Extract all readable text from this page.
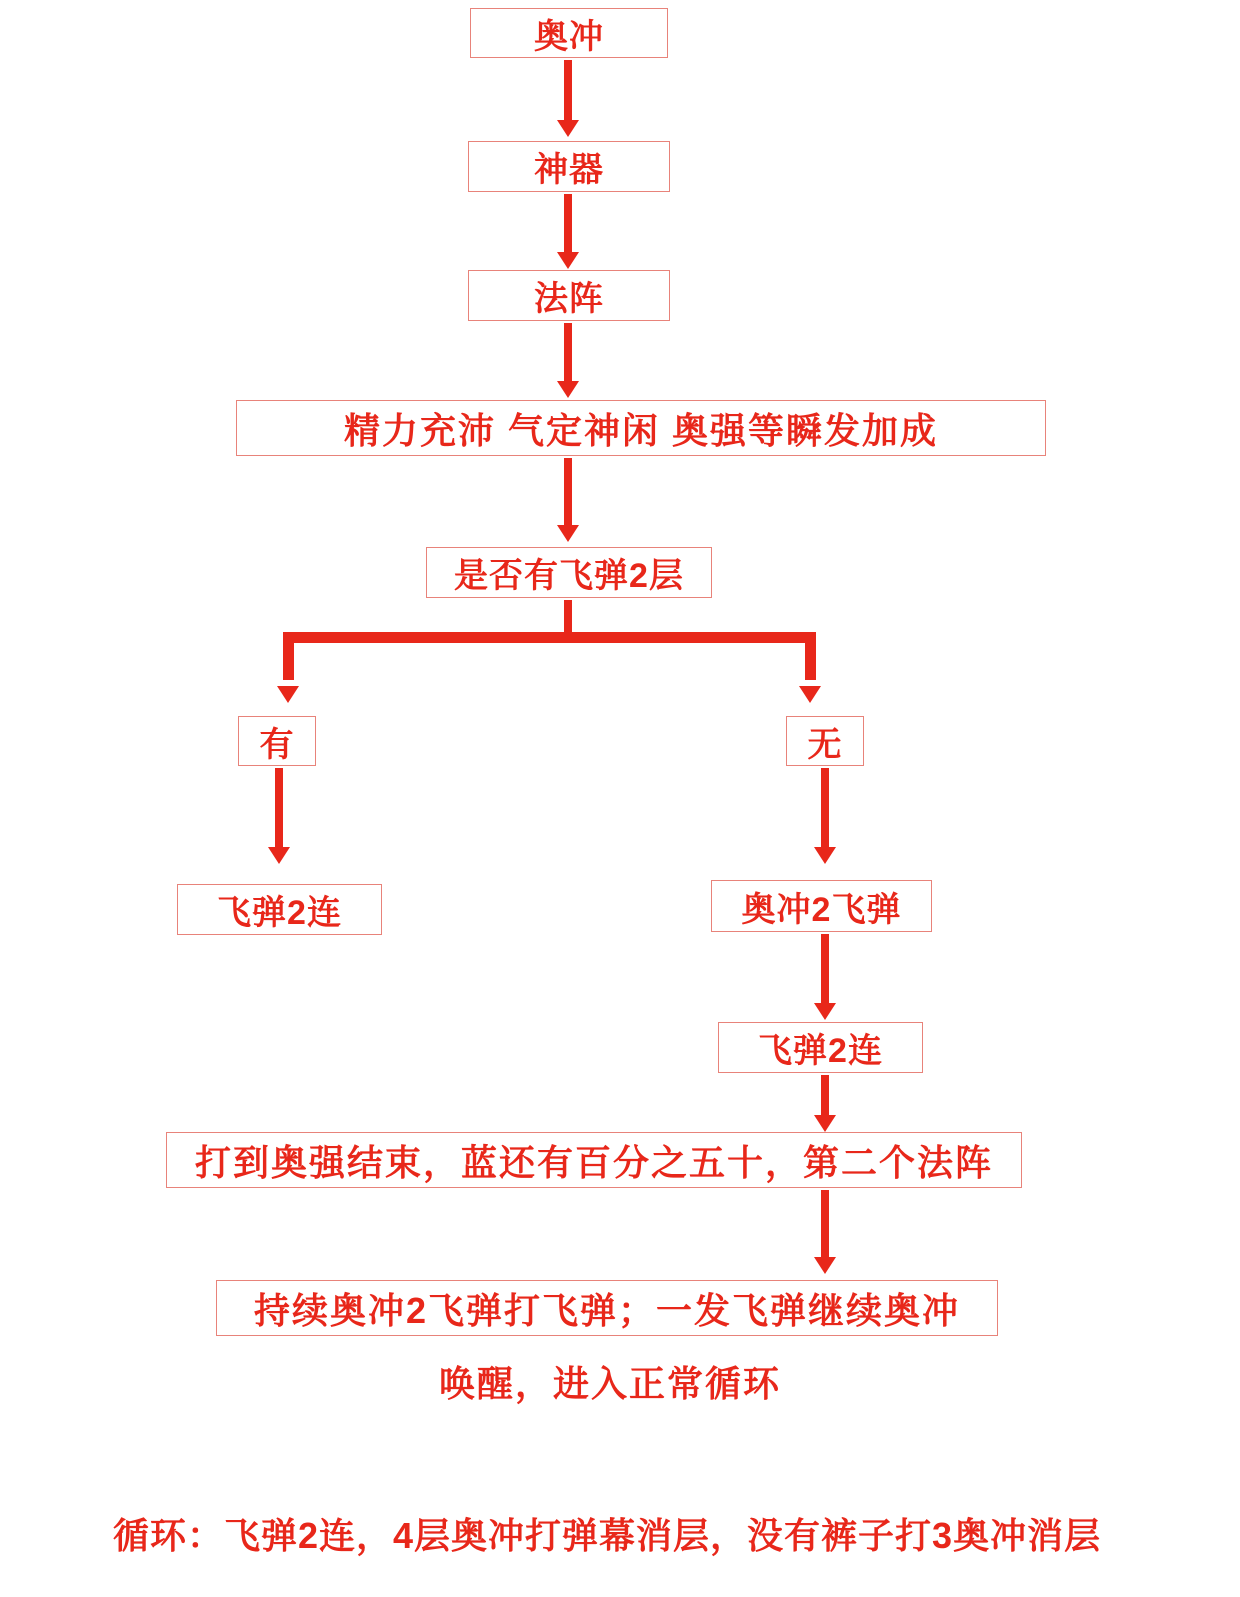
奥冲
神器
法阵
精力充沛 气定神闲 奥强等瞬发加成
是否有飞弹2层
有	无
飞弹2连	奥冲2飞弹
飞弹2连
打到奥强结束，蓝还有百分之五十，第二个法阵
持续奥冲2飞弹打飞弹；一发飞弹继续奥冲
唤醒，进入正常循环
循环：飞弹2连，4层奥冲打弹幕消层，没有裤子打3奥冲消层
